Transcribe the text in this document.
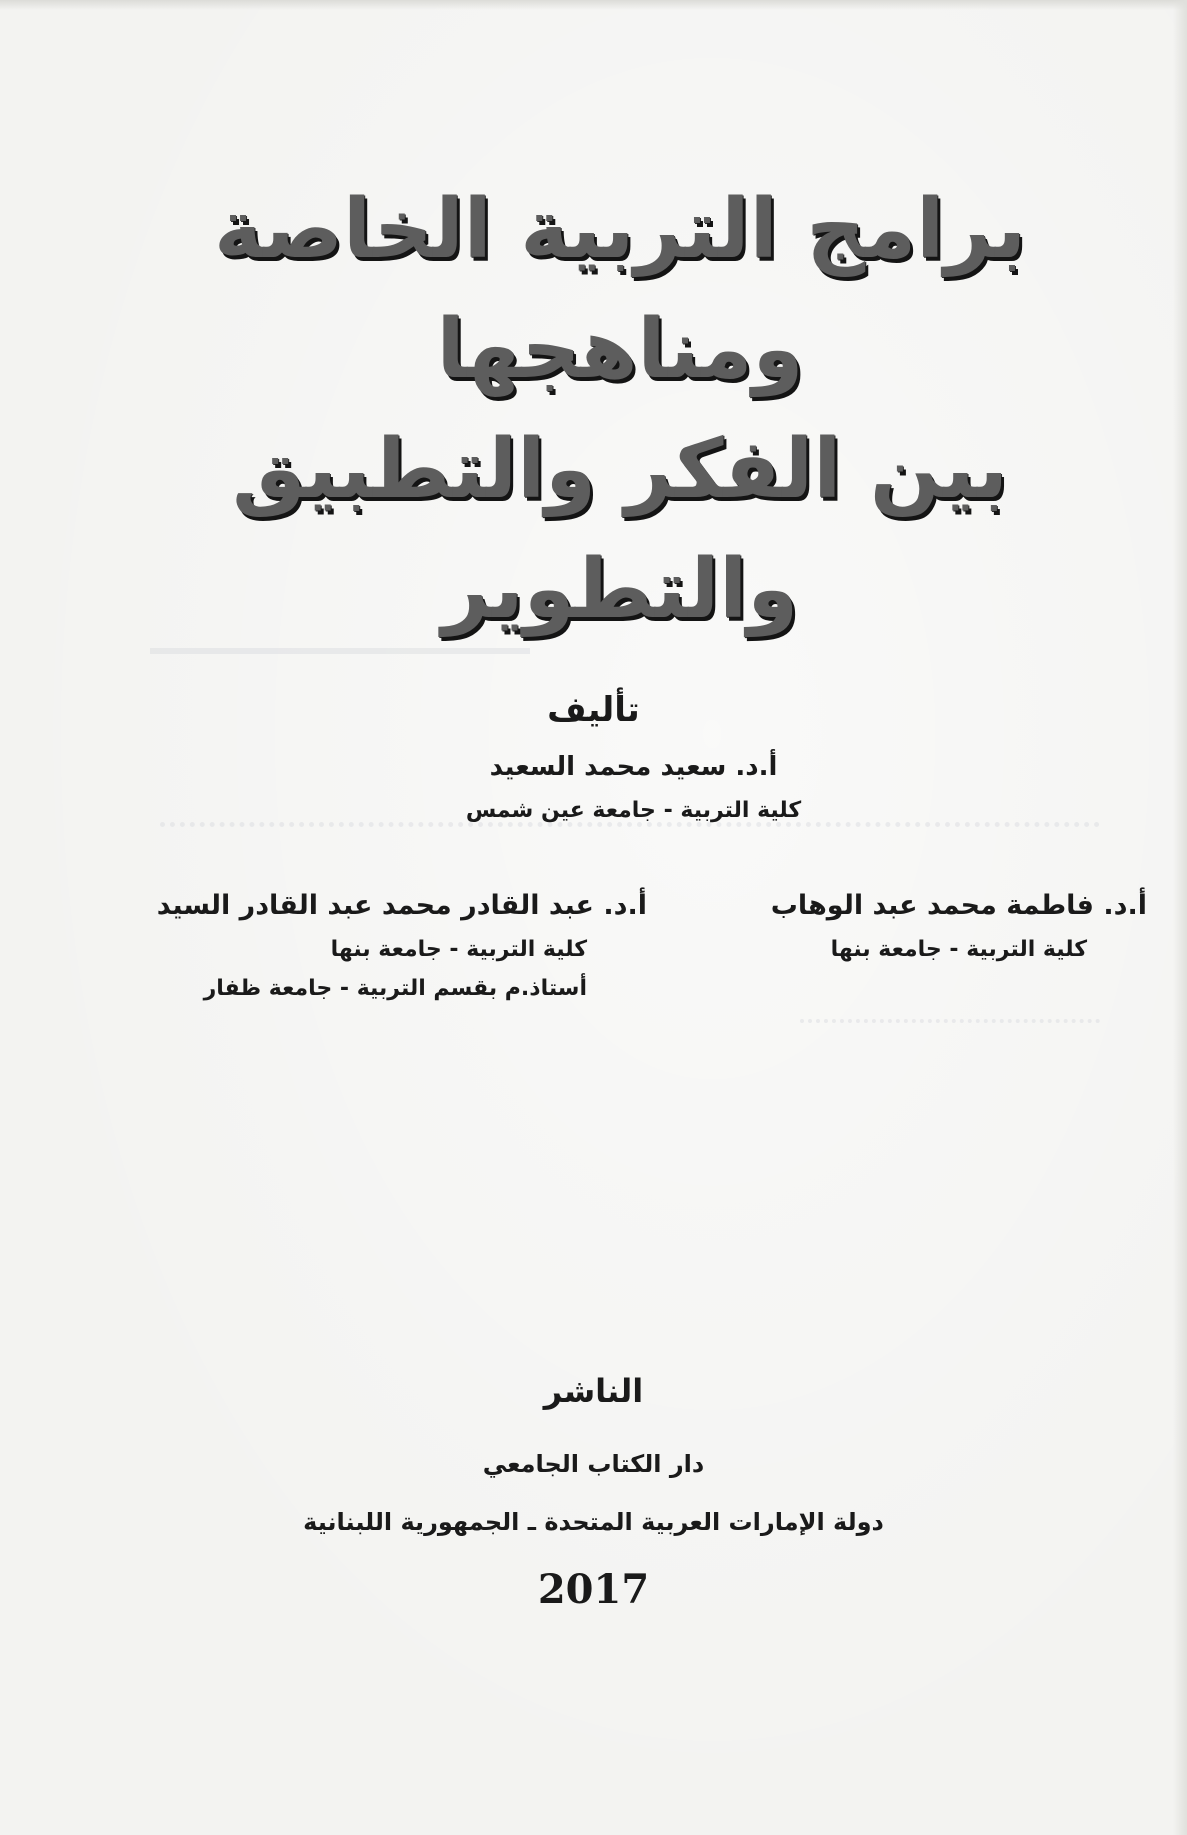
برامج التربية الخاصة ومناهجها
بين الفكر والتطبيق والتطوير
تأليف
أ.د. سعيد محمد السعيد
كلية التربية - جامعة عين شمس
أ.د. فاطمة محمد عبد الوهاب
كلية التربية - جامعة بنها
أ.د. عبد القادر محمد عبد القادر السيد
كلية التربية - جامعة بنها
أستاذ.م بقسم التربية - جامعة ظفار
الناشر
دار الكتاب الجامعي
دولة الإمارات العربية المتحدة ـ الجمهورية اللبنانية
2017
